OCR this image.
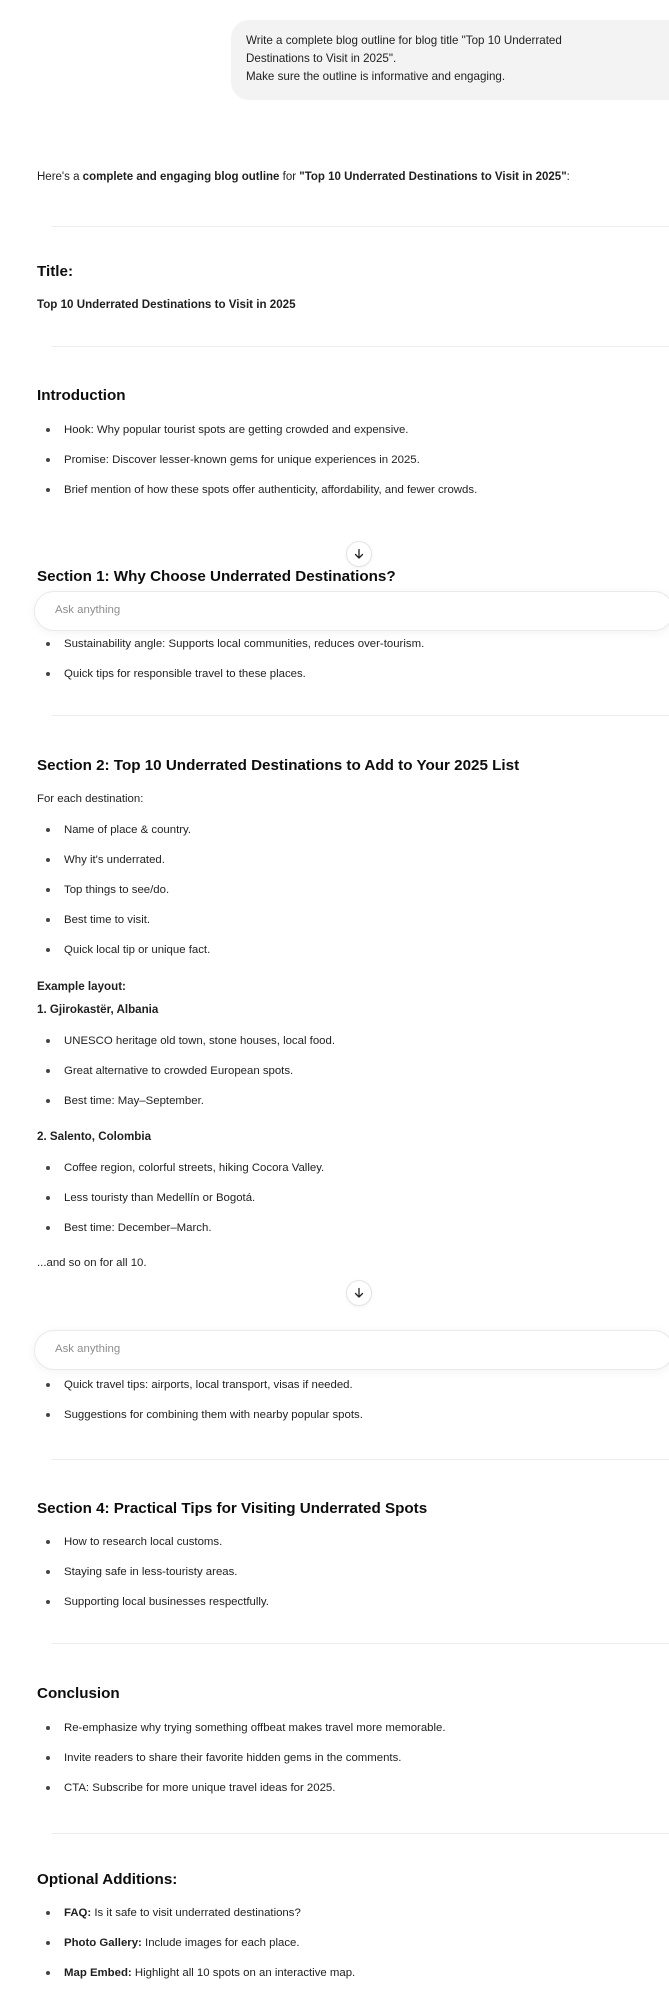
Write a complete blog outline for blog title "Top 10 Underrated
Destinations to Visit in 2025".
Make sure the outline is informative and engaging.
Here's a complete and engaging blog outline for "Top 10 Underrated Destinations to Visit in 2025":
Title:
Top 10 Underrated Destinations to Visit in 2025
Introduction
Hook: Why popular tourist spots are getting crowded and expensive.
Promise: Discover lesser-known gems for unique experiences in 2025.
Brief mention of how these spots offer authenticity, affordability, and fewer crowds.
Section 1: Why Choose Underrated Destinations?
Ask anything
Sustainability angle: Supports local communities, reduces over-tourism.
Quick tips for responsible travel to these places.
Section 2: Top 10 Underrated Destinations to Add to Your 2025 List
For each destination:
Name of place & country.
Why it's underrated.
Top things to see/do.
Best time to visit.
Quick local tip or unique fact.
Example layout:
1. Gjirokastër, Albania
UNESCO heritage old town, stone houses, local food.
Great alternative to crowded European spots.
Best time: May–September.
2. Salento, Colombia
Coffee region, colorful streets, hiking Cocora Valley.
Less touristy than Medellín or Bogotá.
Best time: December–March.
...and so on for all 10.
Ask anything
Quick travel tips: airports, local transport, visas if needed.
Suggestions for combining them with nearby popular spots.
Section 4: Practical Tips for Visiting Underrated Spots
How to research local customs.
Staying safe in less-touristy areas.
Supporting local businesses respectfully.
Conclusion
Re-emphasize why trying something offbeat makes travel more memorable.
Invite readers to share their favorite hidden gems in the comments.
CTA: Subscribe for more unique travel ideas for 2025.
Optional Additions:
FAQ: Is it safe to visit underrated destinations?
Photo Gallery: Include images for each place.
Map Embed: Highlight all 10 spots on an interactive map.
